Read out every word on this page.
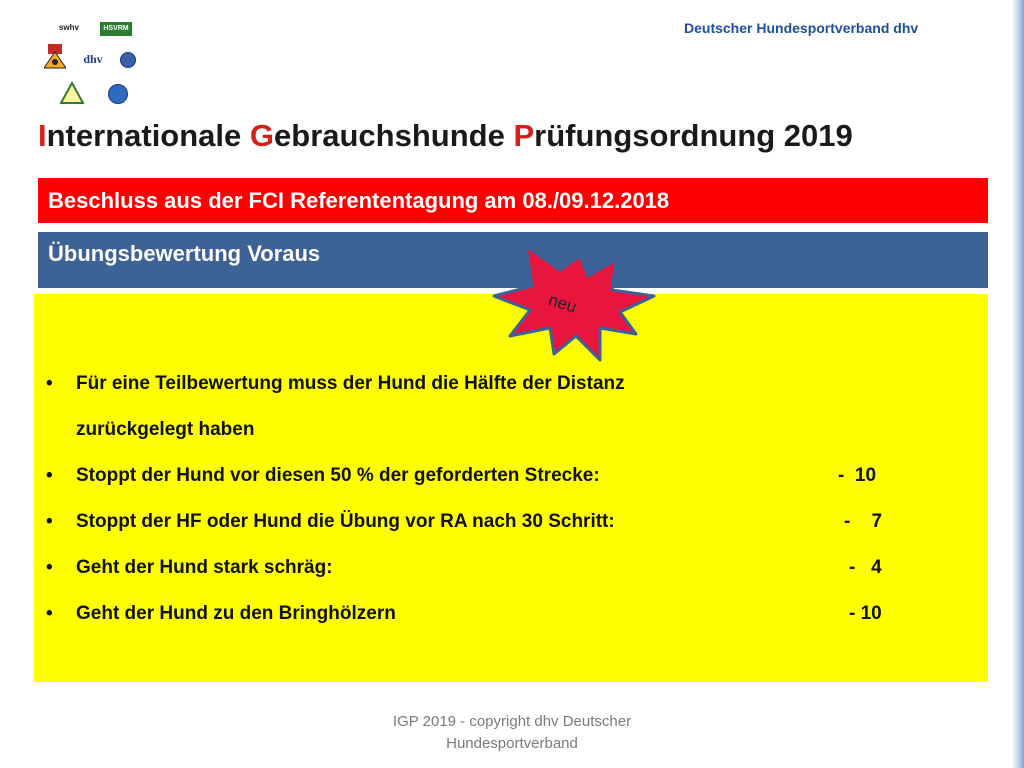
swhv	HSVRM
dhv
Deutscher Hundesportverband dhv
Internationale Gebrauchshunde Prüfungsordnung 2019
Beschluss aus der FCI Referententagung am 08./09.12.2018
Übungsbewertung Voraus
• Für eine Teilbewertung muss der Hund die Hälfte der Distanz
zurückgelegt haben
• Stoppt der Hund vor diesen 50 % der geforderten Strecke:	-  10
• Stoppt der HF oder Hund die Übung vor RA nach 30 Schritt:	-    7
• Geht der Hund stark schräg:	-   4
• Geht der Hund zu den Bringhölzern	- 10
neu
IGP 2019 - copyright dhv Deutscher
Hundesportverband
